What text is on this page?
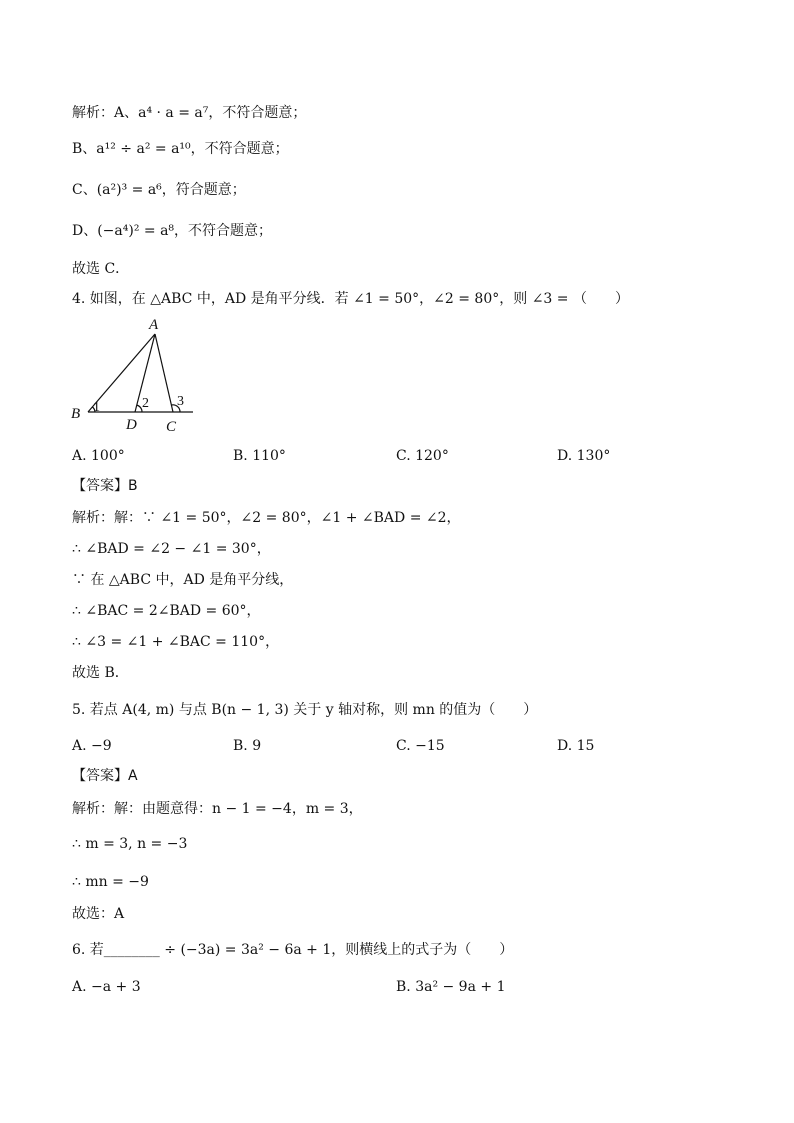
解析：A、a⁴ · a = a⁷，不符合题意；
B、a¹² ÷ a² = a¹⁰，不符合题意；
C、(a²)³ = a⁶，符合题意；
D、(−a⁴)² = a⁸，不符合题意；
故选 C．
4. 如图，在 △ABC 中，AD 是角平分线．若 ∠1 = 50°，∠2 = 80°，则 ∠3 = （　　）
A
B
D C
1	2 3
A. 100°	B. 110°	C. 120°	D. 130°
【答案】B
解析：解：∵ ∠1 = 50°，∠2 = 80°，∠1 + ∠BAD = ∠2，
∴ ∠BAD = ∠2 − ∠1 = 30°，
∵ 在 △ABC 中，AD 是角平分线，
∴ ∠BAC = 2∠BAD = 60°，
∴ ∠3 = ∠1 + ∠BAC = 110°，
故选 B．
5. 若点 A(4, m) 与点 B(n − 1, 3) 关于 y 轴对称，则 mn 的值为（　　）
A. −9	B. 9	C. −15	D. 15
【答案】A
解析：解：由题意得：n − 1 = −4，m = 3，
∴ m = 3, n = −3
∴ mn = −9
故选：A
6. 若________ ÷ (−3a) = 3a² − 6a + 1，则横线上的式子为（　　）
A. −a + 3	B. 3a² − 9a + 1
